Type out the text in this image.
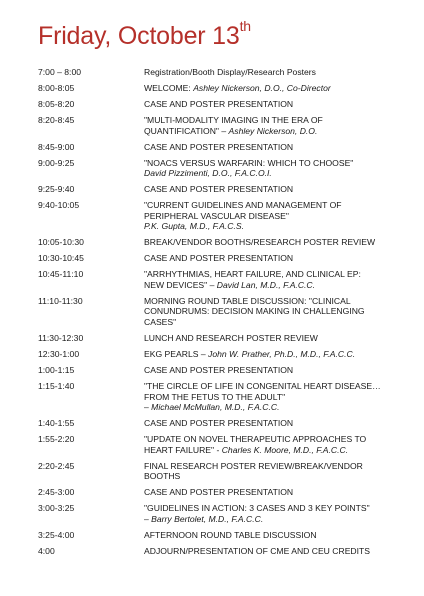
Friday, October 13th
7:00 – 8:00	Registration/Booth Display/Research Posters
8:00-8:05	WELCOME: Ashley Nickerson, D.O., Co-Director
8:05-8:20	CASE AND POSTER PRESENTATION
8:20-8:45	"MULTI-MODALITY IMAGING IN THE ERA OF
QUANTIFICATION" – Ashley Nickerson, D.O.
8:45-9:00	CASE AND POSTER PRESENTATION
9:00-9:25	"NOACS VERSUS WARFARIN: WHICH TO CHOOSE"
David Pizzimenti, D.O., F.A.C.O.I.
9:25-9:40	CASE AND POSTER PRESENTATION
9:40-10:05	"CURRENT GUIDELINES AND MANAGEMENT OF
PERIPHERAL VASCULAR DISEASE"
P.K. Gupta, M.D., F.A.C.S.
10:05-10:30	BREAK/VENDOR BOOTHS/RESEARCH POSTER REVIEW
10:30-10:45	CASE AND POSTER PRESENTATION
10:45-11:10	"ARRHYTHMIAS, HEART FAILURE, AND CLINICAL EP:
NEW DEVICES" – David Lan, M.D., F.A.C.C.
11:10-11:30	MORNING ROUND TABLE DISCUSSION: "CLINICAL
CONUNDRUMS: DECISION MAKING IN CHALLENGING
CASES"
11:30-12:30	LUNCH AND RESEARCH POSTER REVIEW
12:30-1:00	EKG PEARLS – John W. Prather, Ph.D., M.D., F.A.C.C.
1:00-1:15	CASE AND POSTER PRESENTATION
1:15-1:40	"THE CIRCLE OF LIFE IN CONGENITAL HEART DISEASE…
FROM THE FETUS TO THE ADULT"
– Michael McMullan, M.D., F.A.C.C.
1:40-1:55	CASE AND POSTER PRESENTATION
1:55-2:20	"UPDATE ON NOVEL THERAPEUTIC APPROACHES TO
HEART FAILURE" - Charles K. Moore, M.D., F.A.C.C.
2:20-2:45	FINAL RESEARCH POSTER REVIEW/BREAK/VENDOR
BOOTHS
2:45-3:00	CASE AND POSTER PRESENTATION
3:00-3:25	"GUIDELINES IN ACTION: 3 CASES AND 3 KEY POINTS"
– Barry Bertolet, M.D., F.A.C.C.
3:25-4:00	AFTERNOON ROUND TABLE DISCUSSION
4:00	ADJOURN/PRESENTATION OF CME AND CEU CREDITS
